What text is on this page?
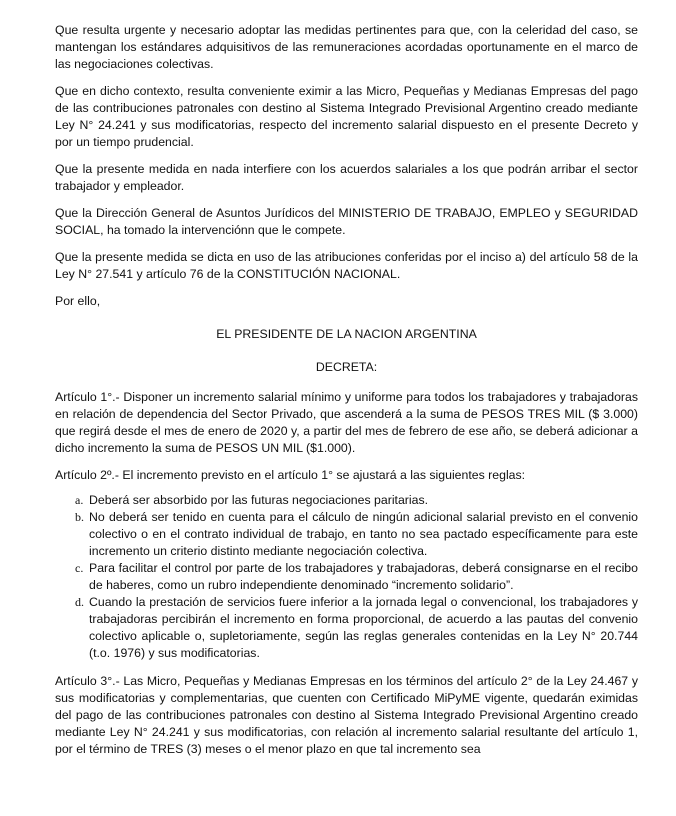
Que resulta urgente y necesario adoptar las medidas pertinentes para que, con la celeridad del caso, se mantengan los estándares adquisitivos de las remuneraciones acordadas oportunamente en el marco de las negociaciones colectivas.

Que en dicho contexto, resulta conveniente eximir a las Micro, Pequeñas y Medianas Empresas del pago de las contribuciones patronales con destino al Sistema Integrado Previsional Argentino creado mediante Ley N° 24.241 y sus modificatorias, respecto del incremento salarial dispuesto en el presente Decreto y por un tiempo prudencial.

Que la presente medida en nada interfiere con los acuerdos salariales a los que podrán arribar el sector trabajador y empleador.

Que la Dirección General de Asuntos Jurídicos del MINISTERIO DE TRABAJO, EMPLEO y SEGURIDAD SOCIAL, ha tomado la intervenciónn que le compete.

Que la presente medida se dicta en uso de las atribuciones conferidas por el inciso a) del artículo 58 de la Ley N° 27.541 y artículo 76 de la CONSTITUCIÓN NACIONAL.

Por ello,

EL PRESIDENTE DE LA NACION ARGENTINA

DECRETA:

Artículo 1°.- Disponer un incremento salarial mínimo y uniforme para todos los trabajadores y trabajadoras en relación de dependencia del Sector Privado, que ascenderá a la suma de PESOS TRES MIL ($ 3.000) que regirá desde el mes de enero de 2020 y, a partir del mes de febrero de ese año, se deberá adicionar a dicho incremento la suma de PESOS UN MIL ($1.000).

Artículo 2º.- El incremento previsto en el artículo 1° se ajustará a las siguientes reglas:

a. Deberá ser absorbido por las futuras negociaciones paritarias.
b. No deberá ser tenido en cuenta para el cálculo de ningún adicional salarial previsto en el convenio colectivo o en el contrato individual de trabajo, en tanto no sea pactado específicamente para este incremento un criterio distinto mediante negociación colectiva.
c. Para facilitar el control por parte de los trabajadores y trabajadoras, deberá consignarse en el recibo de haberes, como un rubro independiente denominado “incremento solidario”.
d. Cuando la prestación de servicios fuere inferior a la jornada legal o convencional, los trabajadores y trabajadoras percibirán el incremento en forma proporcional, de acuerdo a las pautas del convenio colectivo aplicable o, supletoriamente, según las reglas generales contenidas en la Ley N° 20.744 (t.o. 1976) y sus modificatorias.

Artículo 3°.- Las Micro, Pequeñas y Medianas Empresas en los términos del artículo 2° de la Ley 24.467 y sus modificatorias y complementarias, que cuenten con Certificado MiPyME vigente, quedarán eximidas del pago de las contribuciones patronales con destino al Sistema Integrado Previsional Argentino creado mediante Ley N° 24.241 y sus modificatorias, con relación al incremento salarial resultante del artículo 1, por el término de TRES (3) meses o el menor plazo en que tal incremento sea
